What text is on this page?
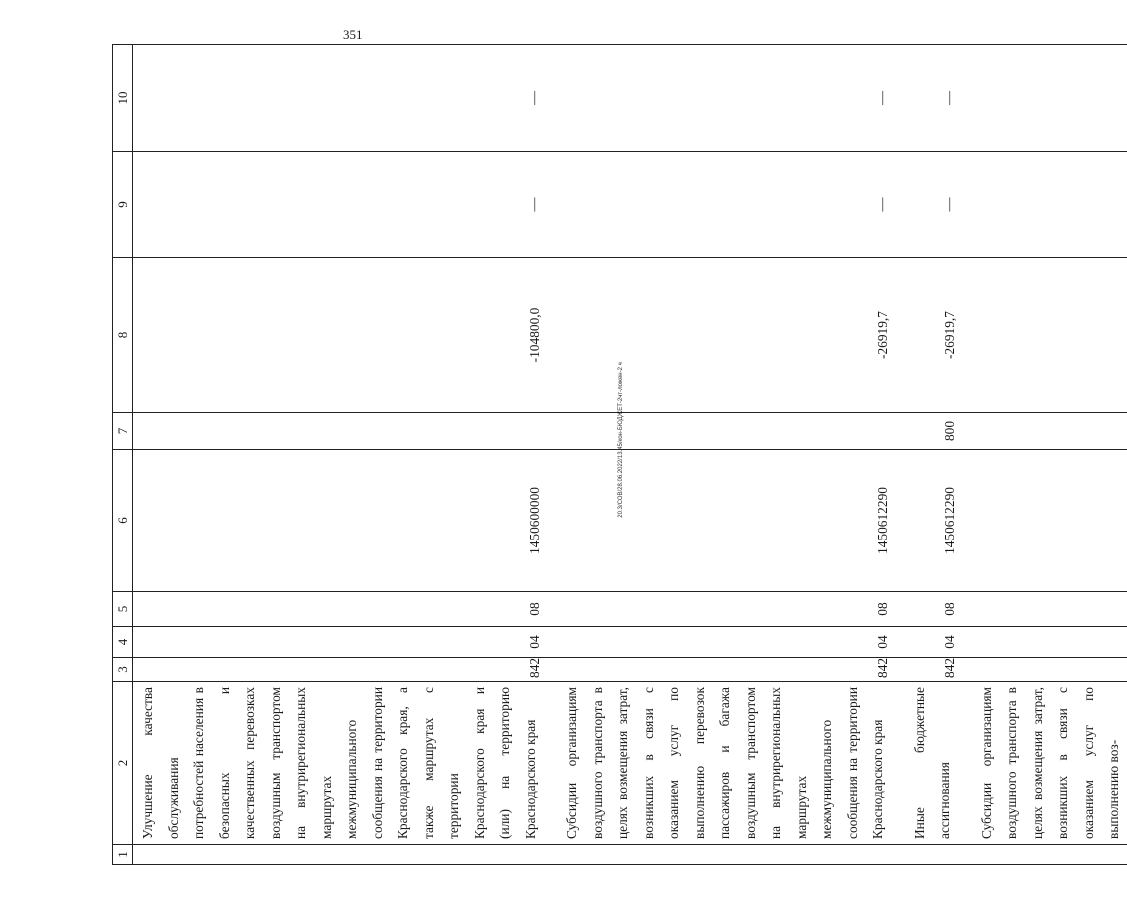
351
20.3/СОВ/28.06.2022/13.45/кон-БЮДЖЕТ-2чт-ложен-2 ч
1	2	3	4	5	6	7	8	9	10
	Улучшение качества обслуживания потребностей населения в безопасных и качественных перевозках воздушным транспортом на внутрирегиональных маршрутах межмуниципального сообщения на территории Краснодарского края, а также маршрутах с территории Краснодарского края и (или) на территорию Краснодарского края	842	04	08	1450600000		-104800,0	—	—

	Субсидии организациям воздушного транспорта в целях возмещения затрат, возникших в связи с оказанием услуг по выполнению перевозок пассажиров и багажа воздушным транспортом на внутрирегиональных маршрутах межмуниципального сообщения на территории Краснодарского края	842	04	08	1450612290		-26919,7	—	—

	Иные бюджетные ассигнования	842	04	08	1450612290	800	-26919,7	—	—

	Субсидии организациям воздушного транспорта в целях возмещения затрат, возникших в связи с оказанием услуг по выполнению воз-								
